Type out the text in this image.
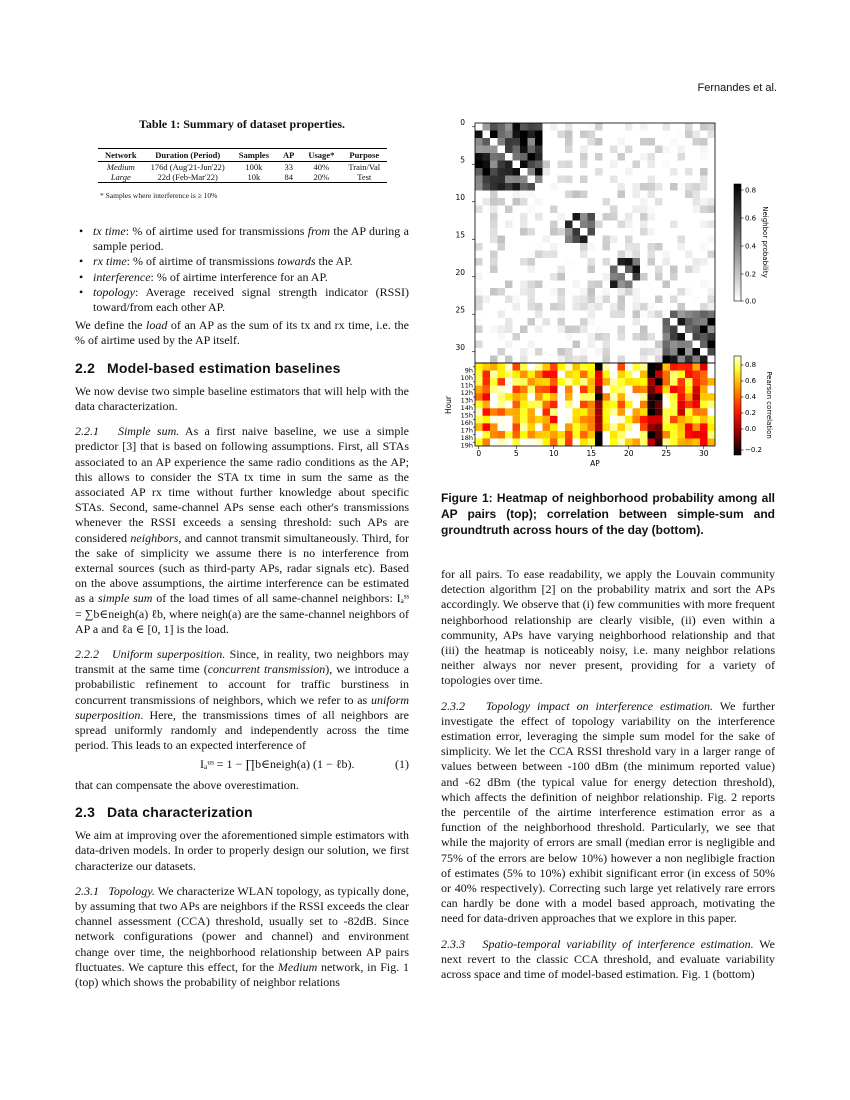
Fernandes et al.
Table 1: Summary of dataset properties.
Network	Duration (Period)	Samples	AP	Usage*	Purpose
Medium	176d (Aug'21-Jun'22)	100k	33	40%	Train/Val
Large	22d (Feb-Mar'22)	10k	84	20%	Test
* Samples where interference is ≥ 10%
• tx time: % of airtime used for transmissions from the AP during a sample period.
• rx time: % of airtime of transmissions towards the AP.
• interference: % of airtime interference for an AP.
• topology: Average received signal strength indicator (RSSI) toward/from each other AP.

We define the load of an AP as the sum of its tx and rx time, i.e. the % of airtime used by the AP itself.

2.2 Model-based estimation baselines

We now devise two simple baseline estimators that will help with the data characterization.

2.2.1 Simple sum. As a first naive baseline, we use a simple predictor [3] that is based on following assumptions. First, all STAs associated to an AP experience the same radio conditions as the AP; this allows to consider the STA tx time in sum the same as the associated AP rx time without further knowledge about specific STAs. Second, same-channel APs sense each other's transmissions whenever the RSSI exceeds a sensing threshold: such APs are considered neighbors, and cannot transmit simultaneously. Third, for the sake of simplicity we assume there is no interference from external sources (such as third-party APs, radar signals etc). Based on the above assumptions, the airtime interference can be estimated as a simple sum of the load times of all same-channel neighbors: Iₐˢˢ = ∑b∈neigh(a) ℓb, where neigh(a) are the same-channel neighbors of AP a and ℓa ∈ [0, 1] is the load.

2.2.2 Uniform superposition. Since, in reality, two neighbors may transmit at the same time (concurrent transmission), we introduce a probabilistic refinement to account for traffic burstiness in concurrent transmissions of neighbors, which we refer to as uniform superposition. Here, the transmissions times of all neighbors are spread uniformly randomly and independently across the time period. This leads to an expected interference of

Iₐᵘˢ = 1 − ∏b∈neigh(a) (1 − ℓb).	(1)

that can compensate the above overestimation.

2.3 Data characterization

We aim at improving over the aforementioned simple estimators with data-driven models. In order to properly design our solution, we first characterize our datasets.

2.3.1 Topology. We characterize WLAN topology, as typically done, by assuming that two APs are neighbors if the RSSI exceeds the clear channel assessment (CCA) threshold, usually set to -82dB. Since network configurations (power and channel) and environment change over time, the neighborhood relationship between AP pairs fluctuates. We capture this effect, for the Medium network, in Fig. 1 (top) which shows the probability of neighbor relations

0
5
10
15
20
25
30
9h
10h
11h
12h
13h
14h
15h
16h
17h
18h
19h
Hour
0	5	10	15	20	25	30
AP
0.8
0.6
0.4
0.2
0.0
0.8
0.6
0.4
0.2
0.0
−0.2
Neighbor probability
Pearson correlation
Figure 1: Heatmap of neighborhood probability among all AP pairs (top); correlation between simple-sum and groundtruth across hours of the day (bottom).

for all pairs. To ease readability, we apply the Louvain community detection algorithm [2] on the probability matrix and sort the APs accordingly. We observe that (i) few communities with more frequent neighborhood relationship are clearly visible, (ii) even within a community, APs have varying neighborhood relationship and that (iii) the heatmap is noticeably noisy, i.e. many neighbor relations neither always nor never present, providing for a variety of topologies over time.

2.3.2 Topology impact on interference estimation. We further investigate the effect of topology variability on the interference estimation error, leveraging the simple sum model for the sake of simplicity. We let the CCA RSSI threshold vary in a larger range of values between between -100 dBm (the minimum reported value) and -62 dBm (the typical value for energy detection threshold), which affects the definition of neighbor relationship. Fig. 2 reports the percentile of the airtime interference estimation error as a function of the neighborhood threshold. Particularly, we see that while the majority of errors are small (median error is negligible and 75% of the errors are below 10%) however a non neglibigle fraction of estimates (5% to 10%) exhibit significant error (in excess of 50% or 40% respectively). Correcting such large yet relatively rare errors can hardly be done with a model based approach, motivating the need for data-driven approaches that we explore in this paper.

2.3.3 Spatio-temporal variability of interference estimation. We next revert to the classic CCA threshold, and evaluate variability across space and time of model-based estimation. Fig. 1 (bottom)
